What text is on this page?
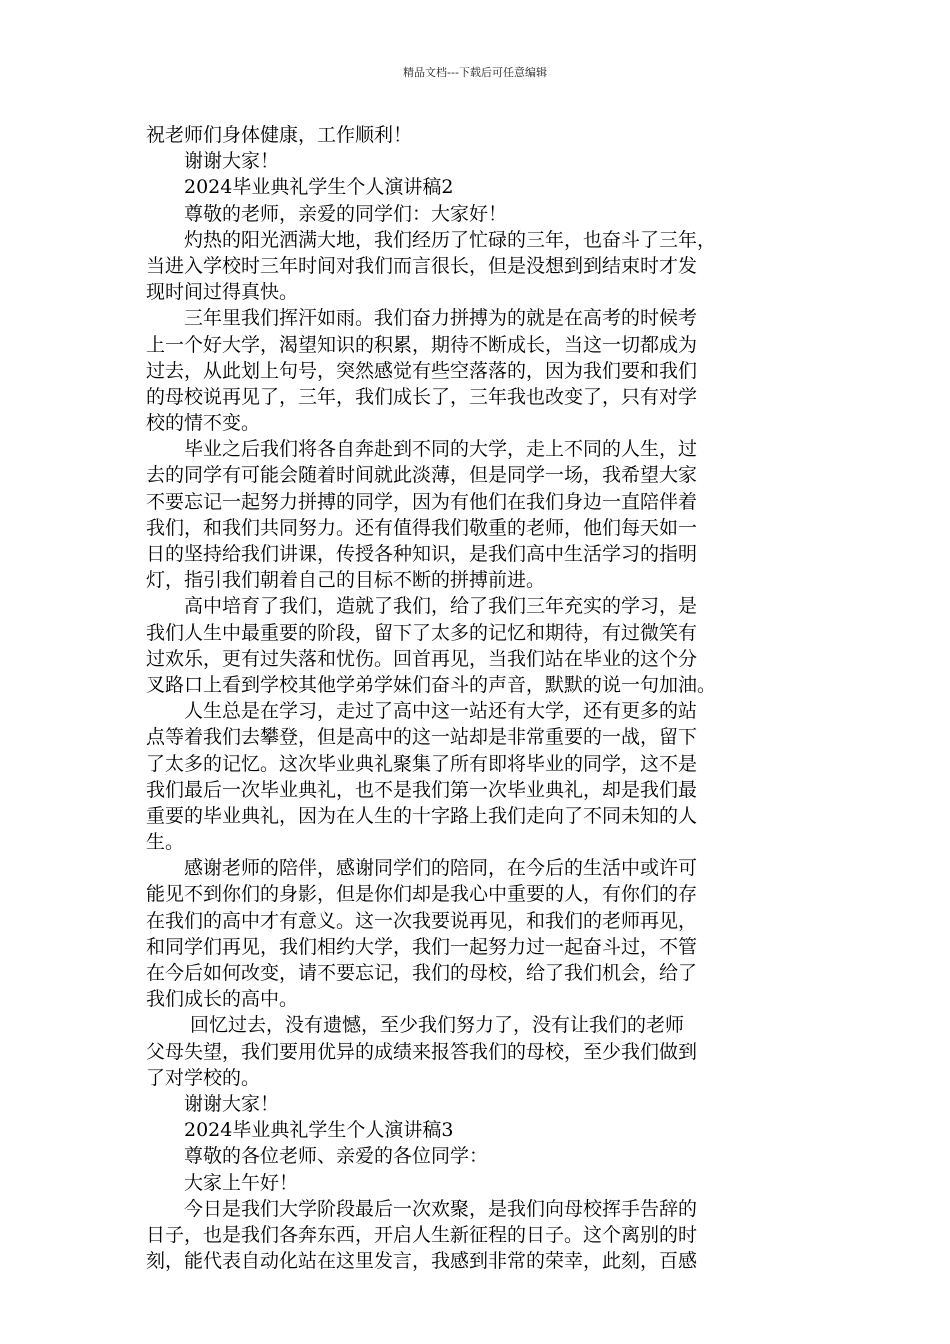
精品文档---下载后可任意编辑
祝老师们身体健康，工作顺利！
　　谢谢大家！
　　2024毕业典礼学生个人演讲稿2
　　尊敬的老师，亲爱的同学们：大家好！
　　灼热的阳光洒满大地，我们经历了忙碌的三年，也奋斗了三年，
当进入学校时三年时间对我们而言很长，但是没想到到结束时才发
现时间过得真快。
　　三年里我们挥汗如雨。我们奋力拼搏为的就是在高考的时候考
上一个好大学，渴望知识的积累，期待不断成长，当这一切都成为
过去，从此划上句号，突然感觉有些空落落的，因为我们要和我们
的母校说再见了，三年，我们成长了，三年我也改变了，只有对学
校的情不变。
　　毕业之后我们将各自奔赴到不同的大学，走上不同的人生，过
去的同学有可能会随着时间就此淡薄，但是同学一场，我希望大家
不要忘记一起努力拼搏的同学，因为有他们在我们身边一直陪伴着
我们，和我们共同努力。还有值得我们敬重的老师，他们每天如一
日的坚持给我们讲课，传授各种知识，是我们高中生活学习的指明
灯，指引我们朝着自己的目标不断的拼搏前进。
　　高中培育了我们，造就了我们，给了我们三年充实的学习，是
我们人生中最重要的阶段，留下了太多的记忆和期待，有过微笑有
过欢乐，更有过失落和忧伤。回首再见，当我们站在毕业的这个分
叉路口上看到学校其他学弟学妹们奋斗的声音，默默的说一句加油。
　　人生总是在学习，走过了高中这一站还有大学，还有更多的站
点等着我们去攀登，但是高中的这一站却是非常重要的一战，留下
了太多的记忆。这次毕业典礼聚集了所有即将毕业的同学，这不是
我们最后一次毕业典礼，也不是我们第一次毕业典礼，却是我们最
重要的毕业典礼，因为在人生的十字路上我们走向了不同未知的人
生。
　　感谢老师的陪伴，感谢同学们的陪同，在今后的生活中或许可
能见不到你们的身影，但是你们却是我心中重要的人，有你们的存
在我们的高中才有意义。这一次我要说再见，和我们的老师再见，
和同学们再见，我们相约大学，我们一起努力过一起奋斗过，不管
在今后如何改变，请不要忘记，我们的母校，给了我们机会，给了
我们成长的高中。
　　 回忆过去，没有遗憾，至少我们努力了，没有让我们的老师
父母失望，我们要用优异的成绩来报答我们的母校，至少我们做到
了对学校的。
　　谢谢大家！
　　2024毕业典礼学生个人演讲稿3
　　尊敬的各位老师、亲爱的各位同学：
　　大家上午好！
　　今日是我们大学阶段最后一次欢聚，是我们向母校挥手告辞的
日子，也是我们各奔东西，开启人生新征程的日子。这个离别的时
刻，能代表自动化站在这里发言，我感到非常的荣幸，此刻，百感
